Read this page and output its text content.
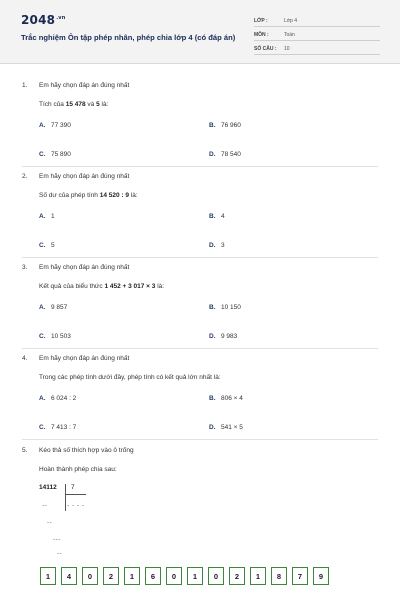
$2048^{.vn}$
Trắc nghiệm Ôn tập phép nhân, phép chia lớp 4 (có đáp án)
LỚP :	Lớp 4
MÔN :	Toán
SỐ CÂU :	10
1.	Em hãy chọn đáp án đúng nhất
Tích của 15 478 và 5 là:
A. 77 390	B. 76 960
C. 75 890	D. 78 540
2.	Em hãy chọn đáp án đúng nhất
Số dư của phép tính 14 520 : 9 là:
A. 1	B. 4
C. 5	D. 3
3.	Em hãy chọn đáp án đúng nhất
Kết quả của biểu thức 1 452 + 3 017 × 3 là:
A. 9 857	B. 10 150
C. 10 503	D. 9 983
4.	Em hãy chọn đáp án đúng nhất
Trong các phép tính dưới đây, phép tính có kết quả lớn nhất là:
A. 6 024 : 2	B. 806 × 4
C. 7 413 : 7	D. 541 × 5
5.	Kéo thả số thích hợp vào ô trống
Hoàn thành phép chia sau:
14112 7
--	- - - -
--
---
--
1	4	0	2	1	6	0	1	0	2	1	8	7	9
